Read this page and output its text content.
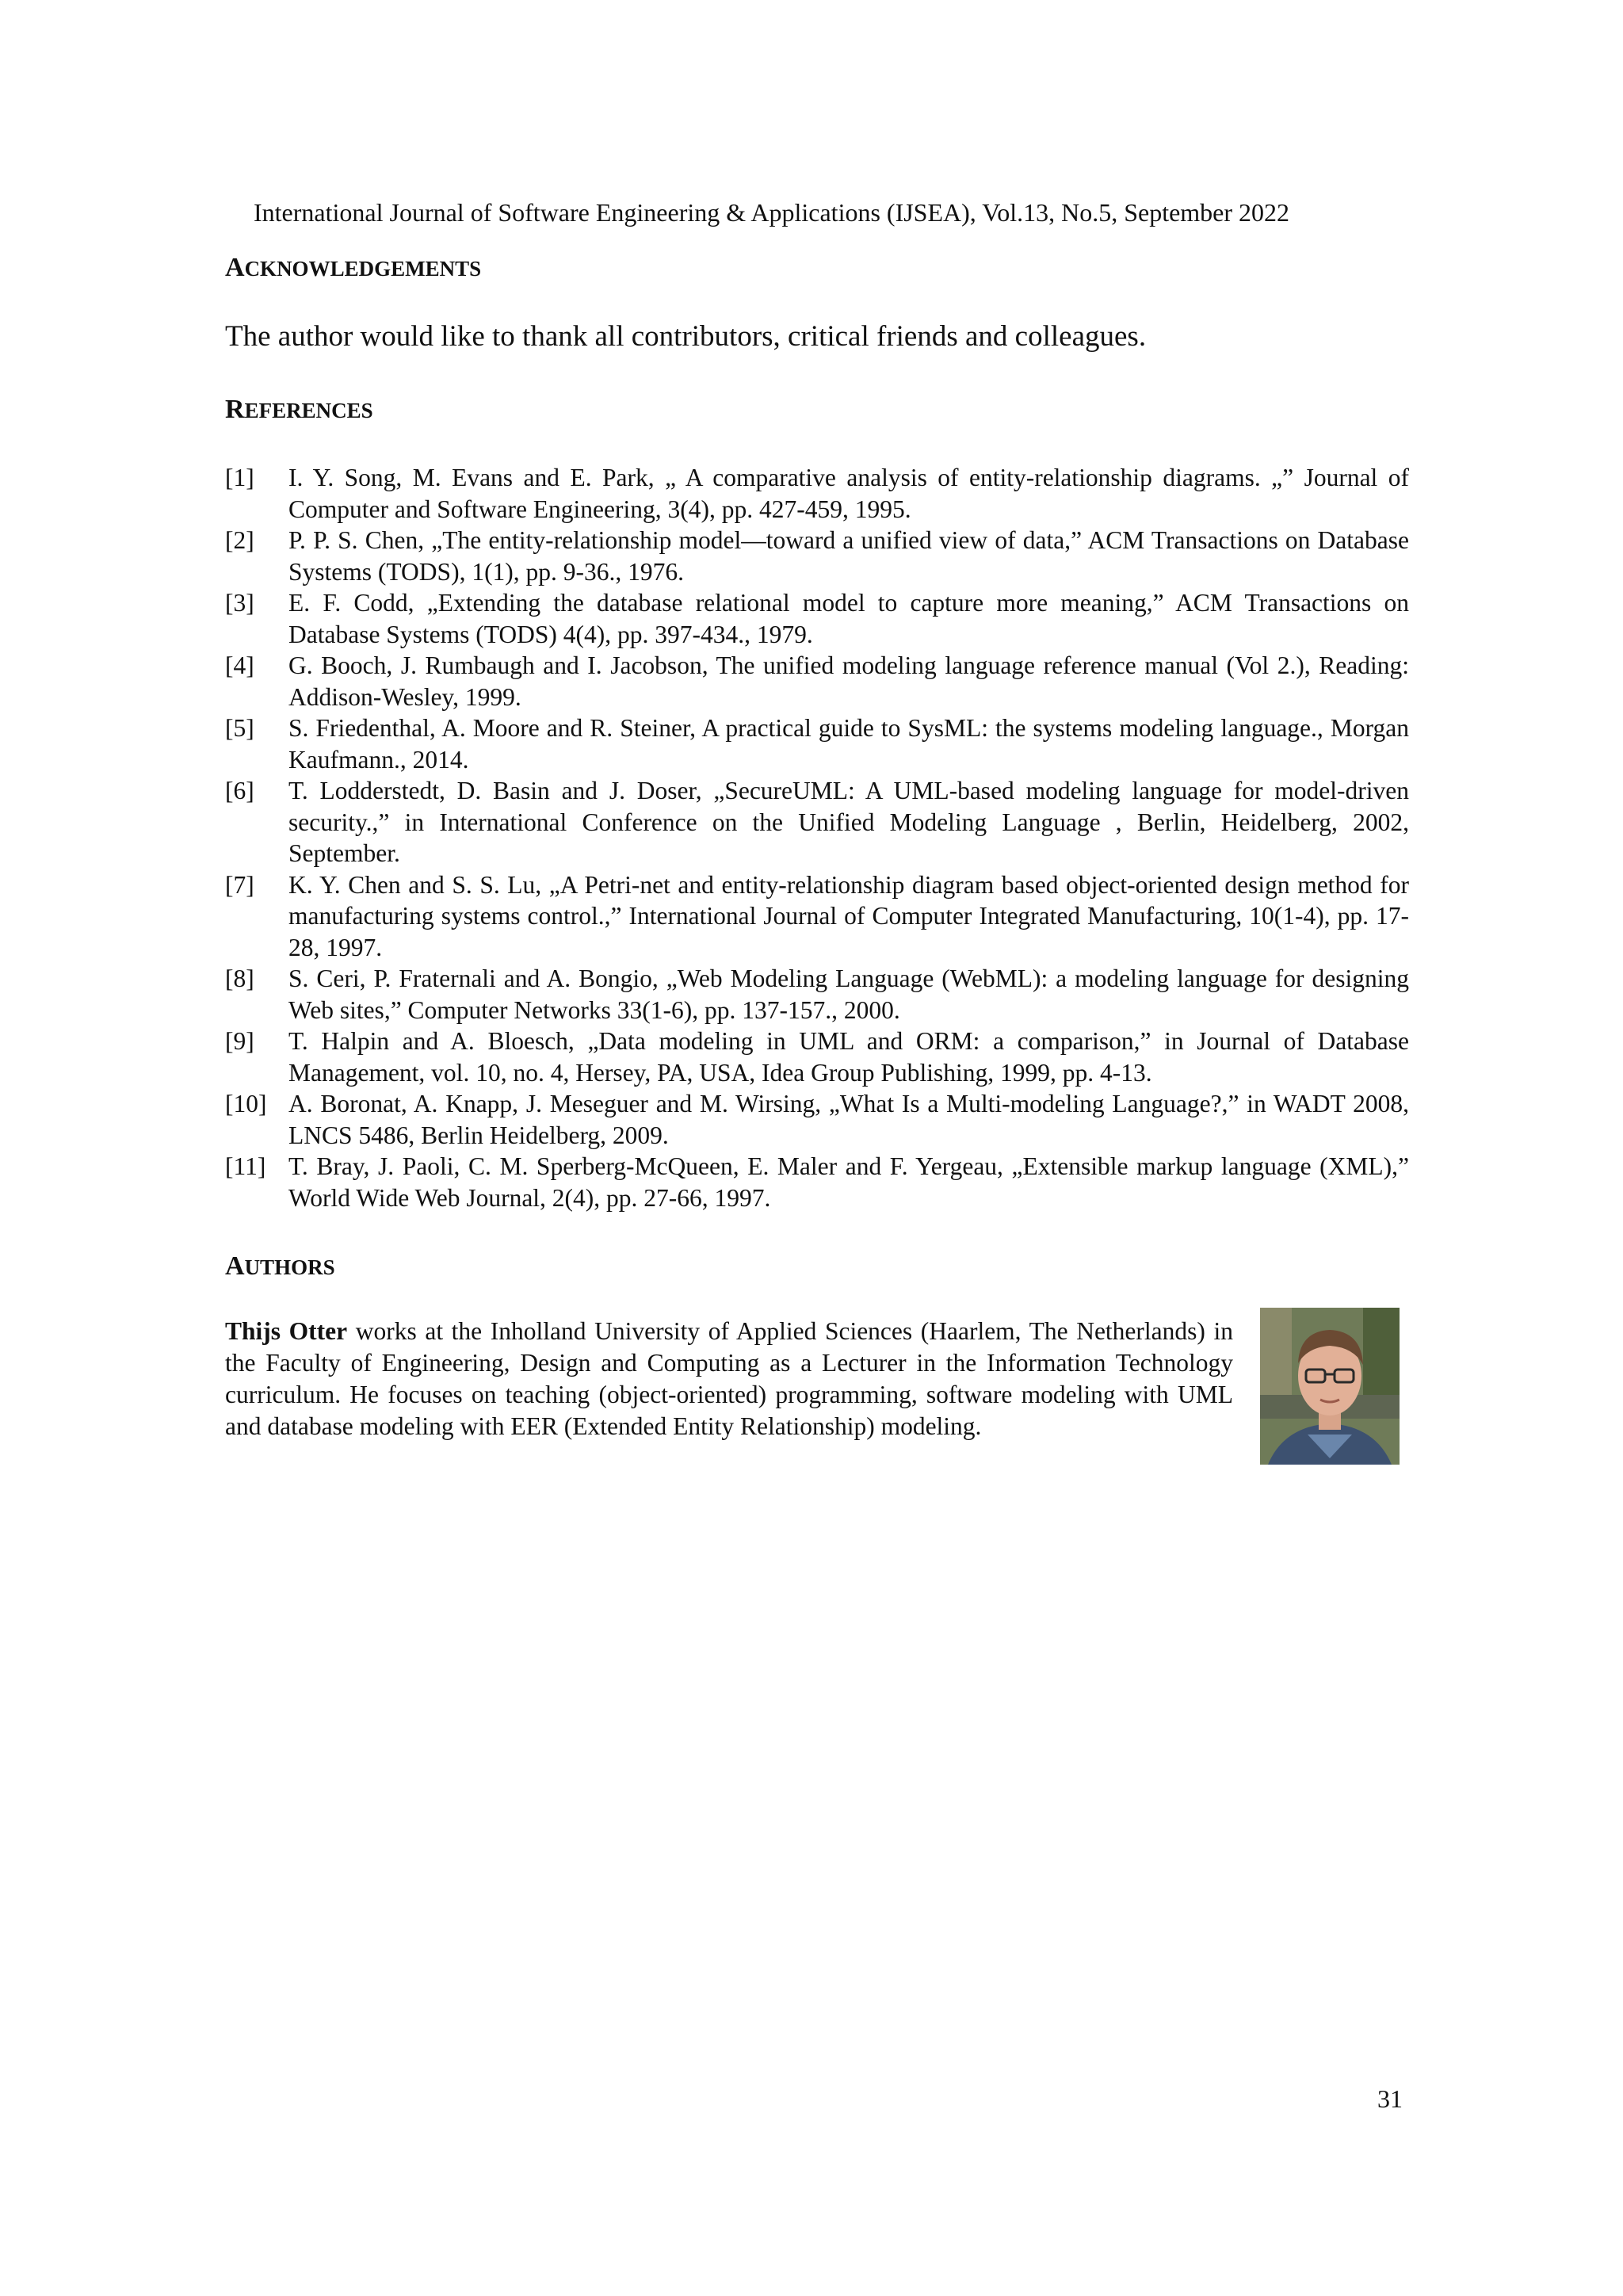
International Journal of Software Engineering & Applications (IJSEA), Vol.13, No.5, September 2022
ACKNOWLEDGEMENTS
The author would like to thank all contributors, critical friends and colleagues.
REFERENCES
[1] I. Y. Song, M. Evans and E. Park, „ A comparative analysis of entity-relationship diagrams. „” Journal of Computer and Software Engineering, 3(4), pp. 427-459, 1995.
[2] P. P. S. Chen, „The entity-relationship model—toward a unified view of data,” ACM Transactions on Database Systems (TODS), 1(1), pp. 9-36., 1976.
[3] E. F. Codd, „Extending the database relational model to capture more meaning,” ACM Transactions on Database Systems (TODS) 4(4), pp. 397-434., 1979.
[4] G. Booch, J. Rumbaugh and I. Jacobson, The unified modeling language reference manual (Vol 2.), Reading: Addison-Wesley, 1999.
[5] S. Friedenthal, A. Moore and R. Steiner, A practical guide to SysML: the systems modeling language., Morgan Kaufmann., 2014.
[6] T. Lodderstedt, D. Basin and J. Doser, „SecureUML: A UML-based modeling language for model-driven security.,” in International Conference on the Unified Modeling Language , Berlin, Heidelberg, 2002, September.
[7] K. Y. Chen and S. S. Lu, „A Petri-net and entity-relationship diagram based object-oriented design method for manufacturing systems control.,” International Journal of Computer Integrated Manufacturing, 10(1-4), pp. 17-28, 1997.
[8] S. Ceri, P. Fraternali and A. Bongio, „Web Modeling Language (WebML): a modeling language for designing Web sites,” Computer Networks 33(1-6), pp. 137-157., 2000.
[9] T. Halpin and A. Bloesch, „Data modeling in UML and ORM: a comparison,” in Journal of Database Management, vol. 10, no. 4, Hersey, PA, USA, Idea Group Publishing, 1999, pp. 4-13.
[10] A. Boronat, A. Knapp, J. Meseguer and M. Wirsing, „What Is a Multi-modeling Language?,” in WADT 2008, LNCS 5486, Berlin Heidelberg, 2009.
[11] T. Bray, J. Paoli, C. M. Sperberg-McQueen, E. Maler and F. Yergeau, „Extensible markup language (XML),” World Wide Web Journal, 2(4), pp. 27-66, 1997.
AUTHORS

Thijs Otter works at the Inholland University of Applied Sciences (Haarlem, The Netherlands) in the Faculty of Engineering, Design and Computing as a Lecturer in the Information Technology curriculum. He focuses on teaching (object-oriented) programming, software modeling with UML and database modeling with EER (Extended Entity Relationship) modeling.

31
